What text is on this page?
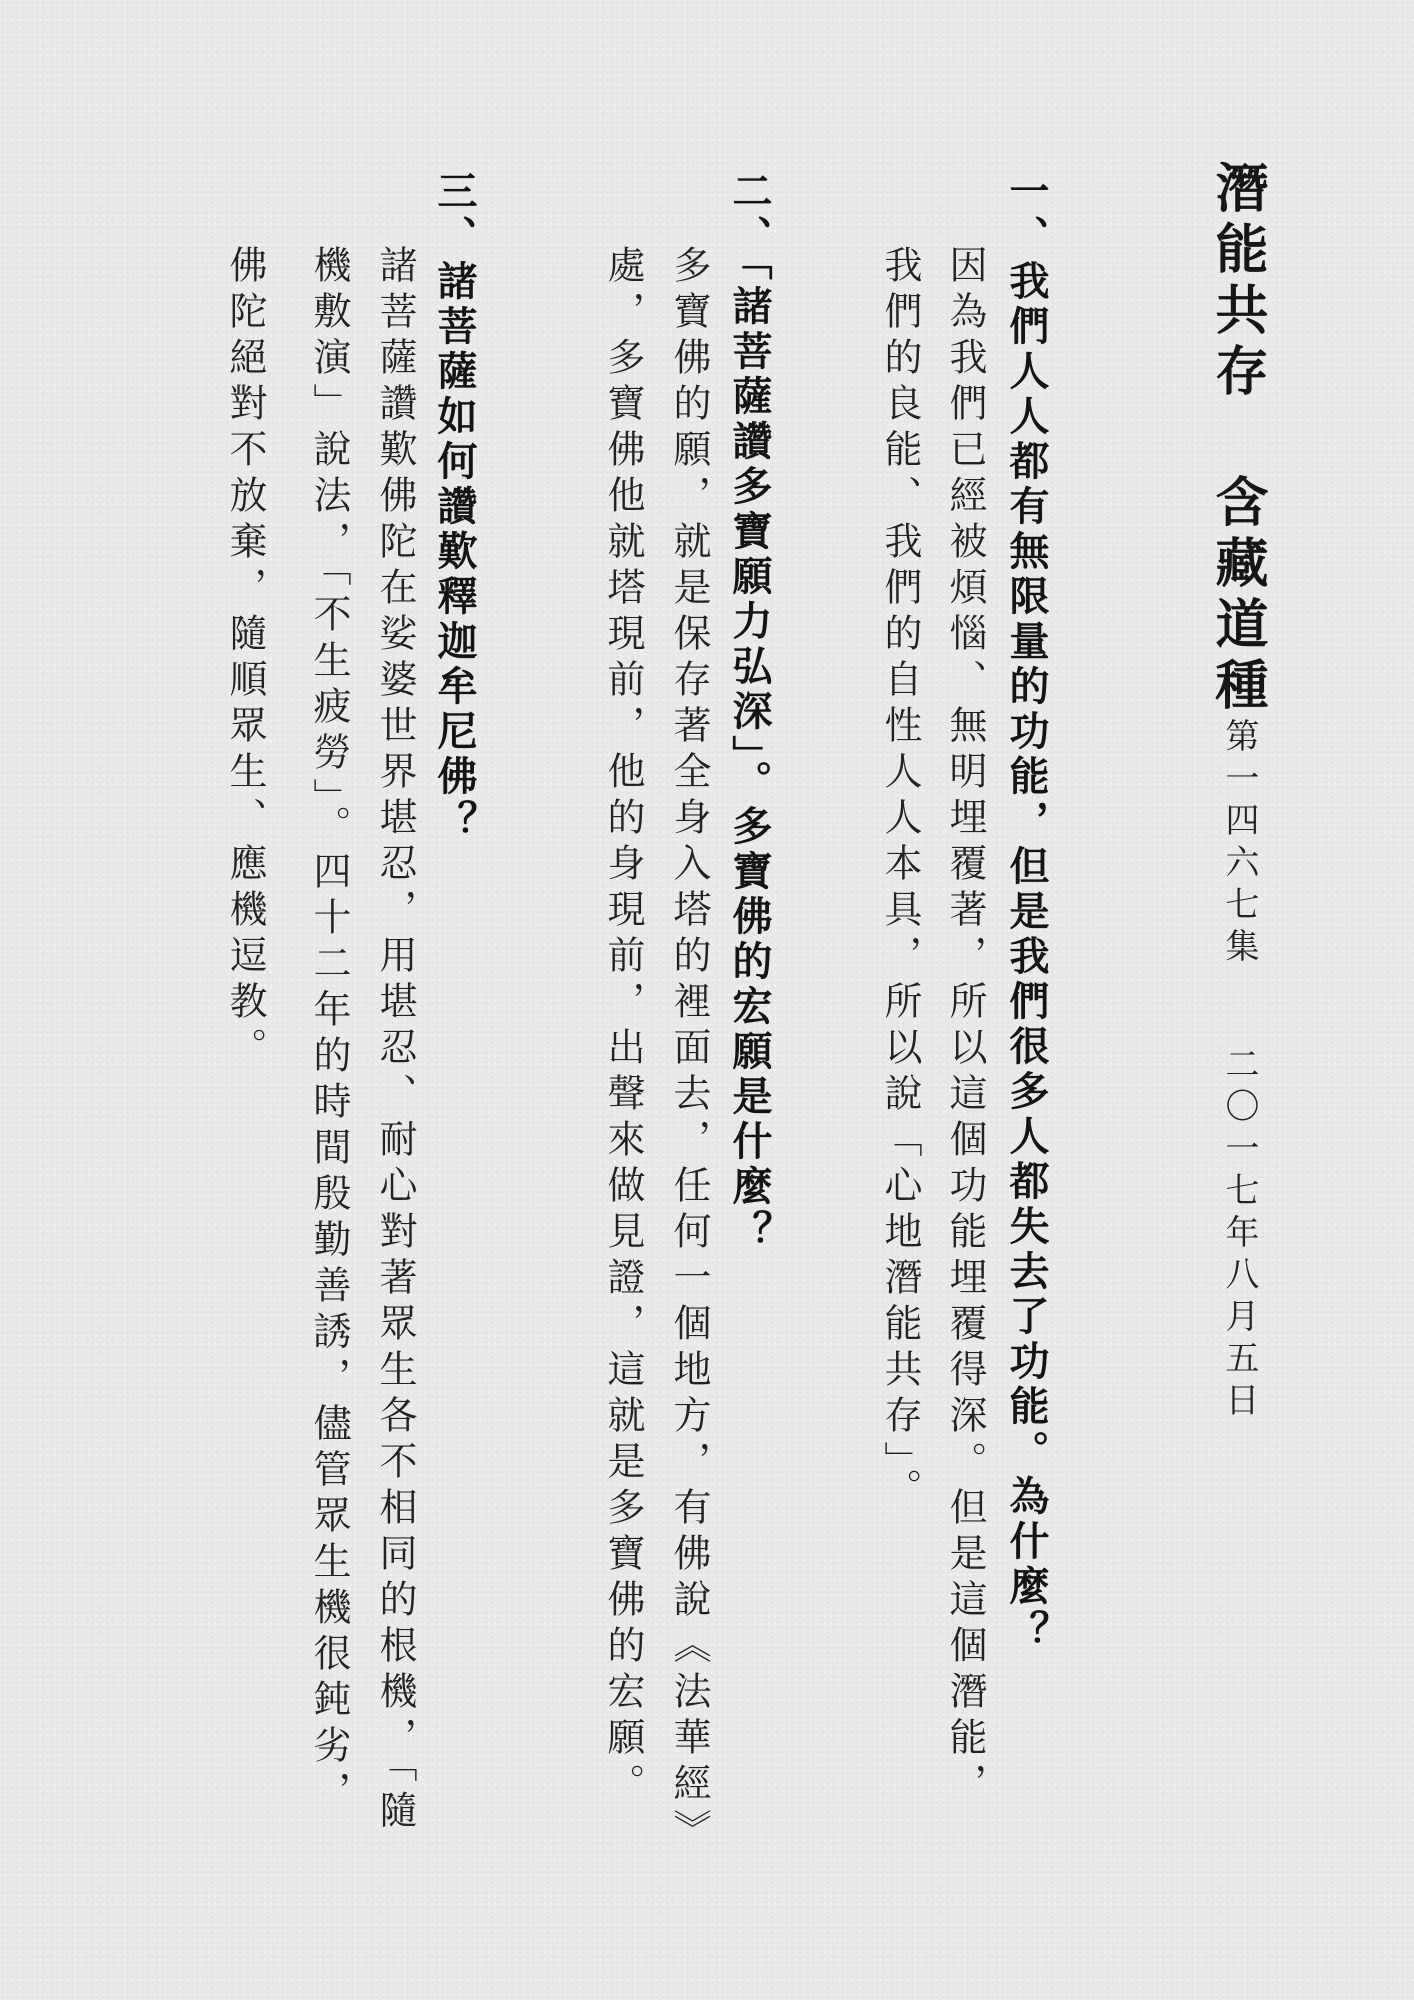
潛能共存 含藏道種
第一四六七集
二〇一七年八月五日
一、我們人人都有無限量的功能，但是我們很多人都失去了功能。為什麼？
因為我們已經被煩惱、無明埋覆著，所以這個功能埋覆得深。但是這個潛能，
我們的良能、我們的自性人人本具，所以說「心地潛能共存」。
二、「諸菩薩讚多寶願力弘深」。多寶佛的宏願是什麼？
多寶佛的願，就是保存著全身入塔的裡面去，任何一個地方，有佛說《法華經》
處，多寶佛他就塔現前，他的身現前，出聲來做見證，這就是多寶佛的宏願。
三、諸菩薩如何讚歎釋迦牟尼佛？
諸菩薩讚歎佛陀在娑婆世界堪忍，用堪忍、耐心對著眾生各不相同的根機，「隨
機敷演」說法，「不生疲勞」。四十二年的時間殷勤善誘，儘管眾生機很鈍劣，
佛陀絕對不放棄，隨順眾生、應機逗教。
